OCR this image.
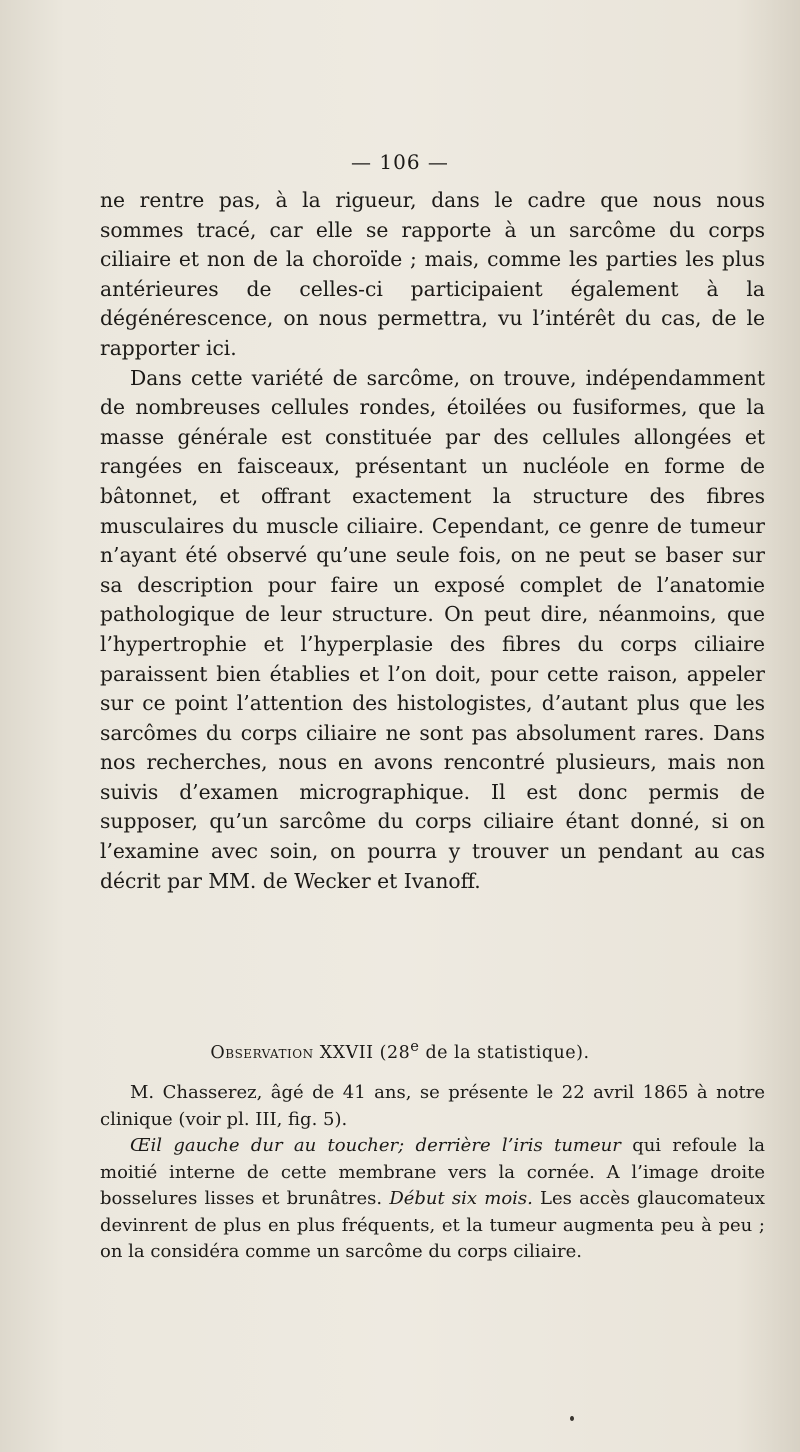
— 106 —

ne rentre pas, à la rigueur, dans le cadre que nous nous sommes tracé, car elle se rapporte à un sarcôme du corps ciliaire et non de la choroïde ; mais, comme les parties les plus antérieures de celles-ci participaient également à la dégénérescence, on nous permettra, vu l’intérêt du cas, de le rapporter ici.

Dans cette variété de sarcôme, on trouve, indépendamment de nombreuses cellules rondes, étoilées ou fusiformes, que la masse générale est constituée par des cellules allongées et rangées en faisceaux, présentant un nucléole en forme de bâtonnet, et offrant exactement la structure des fibres musculaires du muscle ciliaire. Cependant, ce genre de tumeur n’ayant été observé qu’une seule fois, on ne peut se baser sur sa description pour faire un exposé complet de l’anatomie pathologique de leur structure. On peut dire, néanmoins, que l’hypertrophie et l’hyperplasie des fibres du corps ciliaire paraissent bien établies et l’on doit, pour cette raison, appeler sur ce point l’attention des histologistes, d’autant plus que les sarcômes du corps ciliaire ne sont pas absolument rares. Dans nos recherches, nous en avons rencontré plusieurs, mais non suivis d’examen micrographique. Il est donc permis de supposer, qu’un sarcôme du corps ciliaire étant donné, si on l’examine avec soin, on pourra y trouver un pendant au cas décrit par MM. de Wecker et Ivanoff.

Observation XXVII (28e de la statistique).

M. Chasserez, âgé de 41 ans, se présente le 22 avril 1865 à notre clinique (voir pl. III, fig. 5).

Œil gauche dur au toucher; derrière l’iris tumeur qui refoule la moitié interne de cette membrane vers la cornée. A l’image droite bosselures lisses et brunâtres. Début six mois. Les accès glaucomateux devinrent de plus en plus fréquents, et la tumeur augmenta peu à peu ; on la considéra comme un sarcôme du corps ciliaire.
